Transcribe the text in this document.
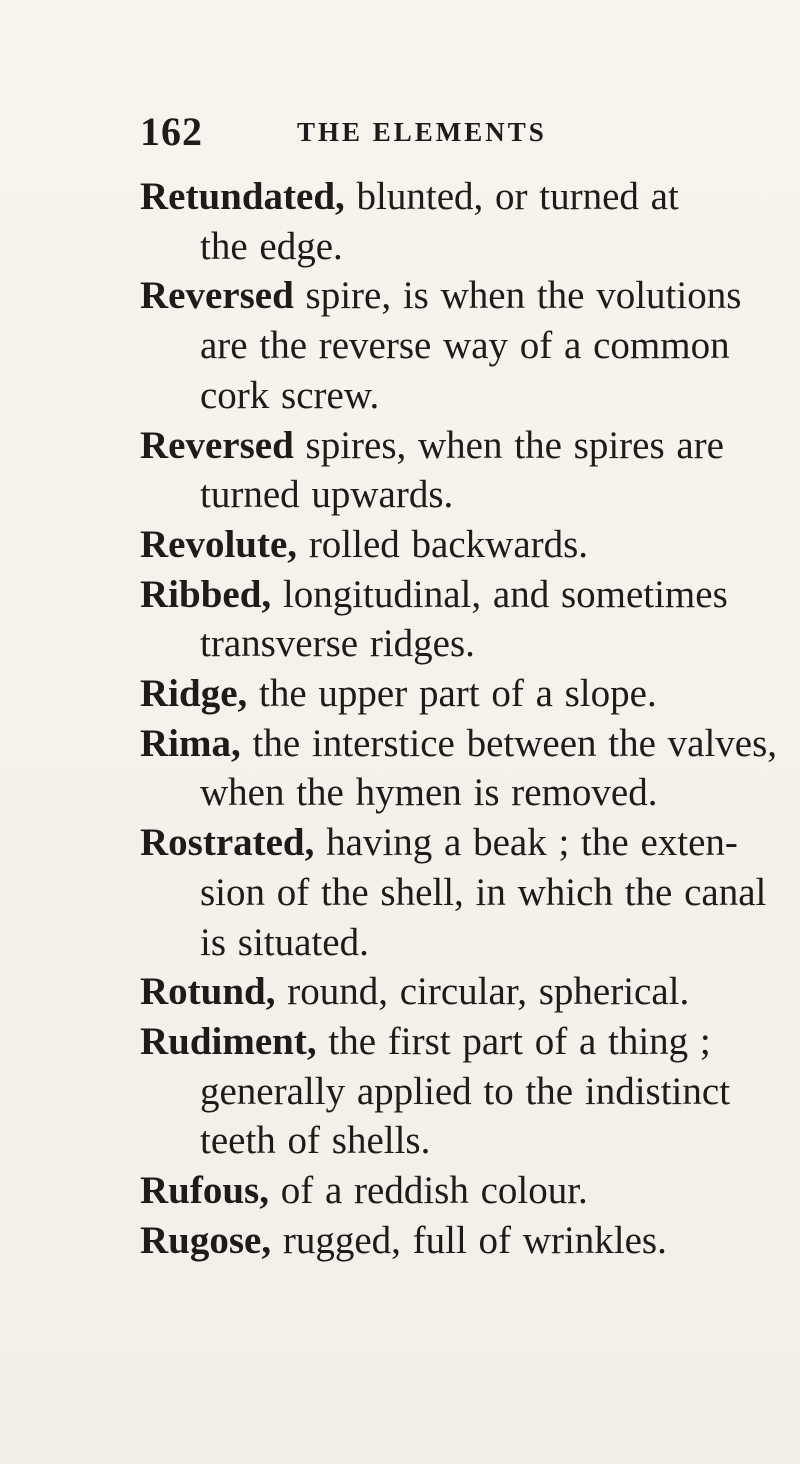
162	THE ELEMENTS

Retundated, blunted, or turned at
the edge.

Reversed spire, is when the volutions
are the reverse way of a common
cork screw.

Reversed spires, when the spires are
turned upwards.

Revolute, rolled backwards.

Ribbed, longitudinal, and sometimes
transverse ridges.

Ridge, the upper part of a slope.

Rima, the interstice between the valves,
when the hymen is removed.

Rostrated, having a beak ; the exten-
sion of the shell, in which the canal
is situated.

Rotund, round, circular, spherical.

Rudiment, the first part of a thing ;
generally applied to the indistinct
teeth of shells.

Rufous, of a reddish colour.

Rugose, rugged, full of wrinkles.
